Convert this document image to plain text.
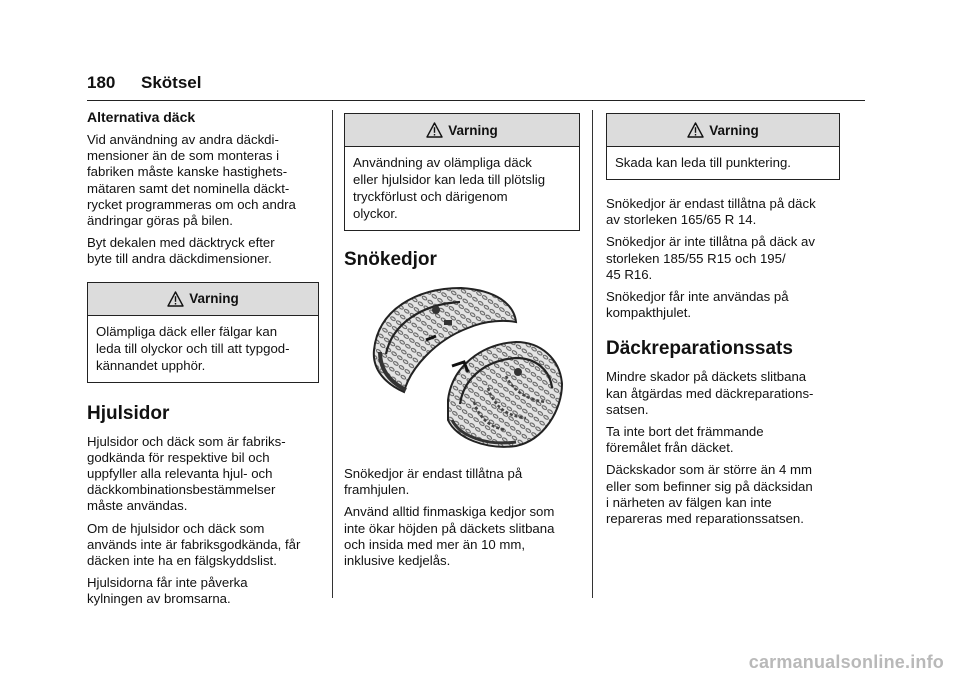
180 Skötsel
Alternativa däck

Vid användning av andra däckdi-
mensioner än de som monteras i
fabriken måste kanske hastighets-
mätaren samt det nominella däckt-
rycket programmeras om och andra
ändringar göras på bilen.

Byt dekalen med däcktryck efter
byte till andra däckdimensioner.

Varning
Olämpliga däck eller fälgar kan
leda till olyckor och till att typgod-
kännandet upphör.
Hjulsidor

Hjulsidor och däck som är fabriks-
godkända för respektive bil och
uppfyller alla relevanta hjul- och
däckkombinationsbestämmelser
måste användas.

Om de hjulsidor och däck som
används inte är fabriksgodkända, får
däcken inte ha en fälgskyddslist.

Hjulsidorna får inte påverka
kylningen av bromsarna.

Varning
Användning av olämpliga däck
eller hjulsidor kan leda till plötslig
tryckförlust och därigenom
olyckor.
Snökedjor

Snökedjor är endast tillåtna på
framhjulen.

Använd alltid finmaskiga kedjor som
inte ökar höjden på däckets slitbana
och insida med mer än 10 mm,
inklusive kedjelås.

Varning
Skada kan leda till punktering.

Snökedjor är endast tillåtna på däck
av storleken 165/65 R 14.

Snökedjor är inte tillåtna på däck av
storleken 185/55 R15 och 195/
45 R16.

Snökedjor får inte användas på
kompakthjulet.

Däckreparationssats

Mindre skador på däckets slitbana
kan åtgärdas med däckreparations-
satsen.

Ta inte bort det främmande
föremålet från däcket.

Däckskador som är större än 4 mm
eller som befinner sig på däcksidan
i närheten av fälgen kan inte
repareras med reparationssatsen.

carmanualsonline.info
